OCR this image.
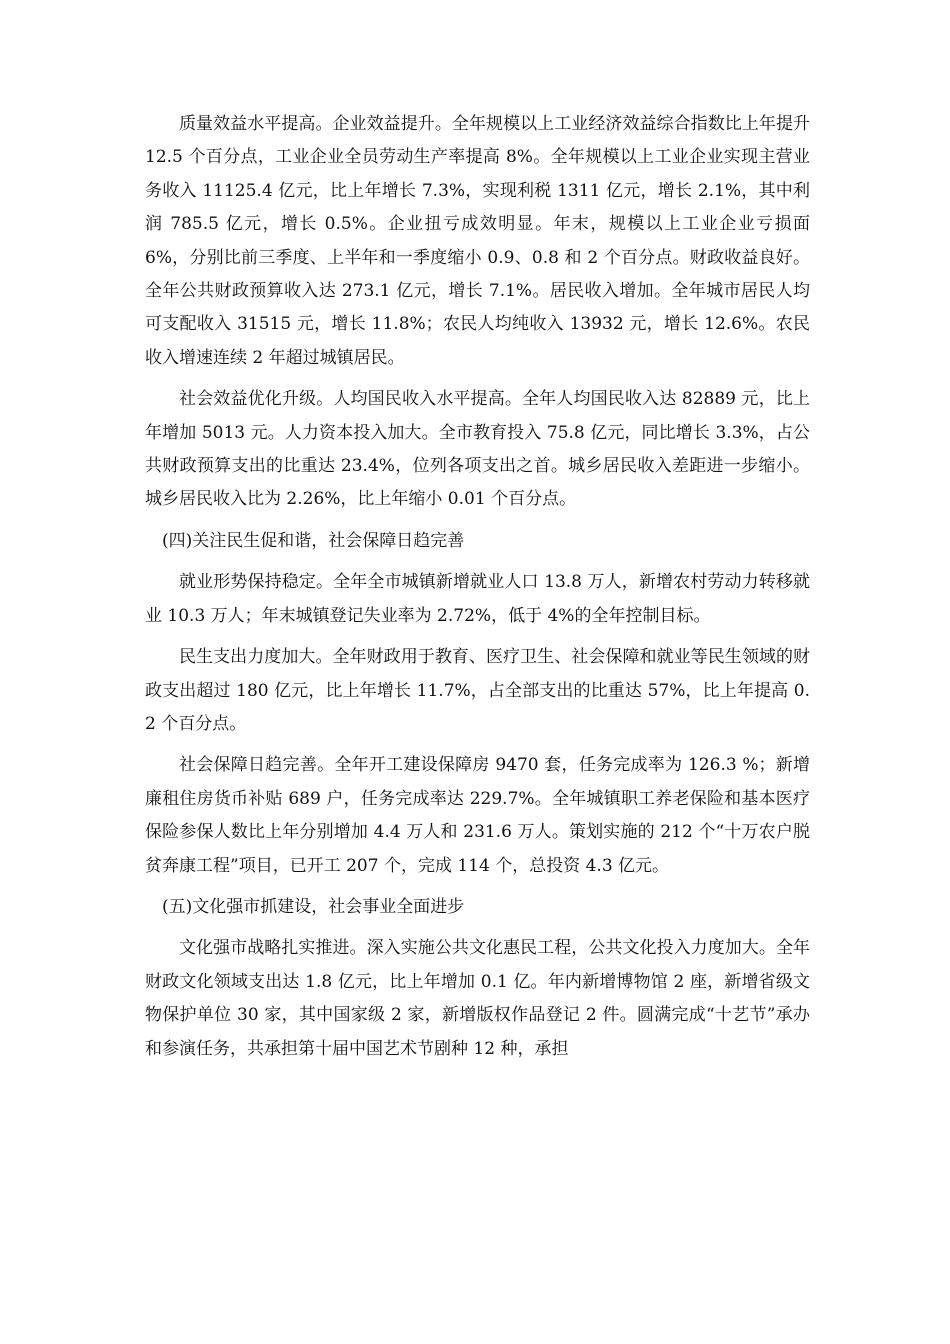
质量效益水平提高。企业效益提升。全年规模以上工业经济效益综合指数比上年提升 12.5 个百分点，工业企业全员劳动生产率提高 8%。全年规模以上工业企业实现主营业务收入 11125.4 亿元，比上年增长 7.3%，实现利税 1311 亿元，增长 2.1%，其中利润 785.5 亿元，增长 0.5%。企业扭亏成效明显。年末，规模以上工业企业亏损面 6%，分别比前三季度、上半年和一季度缩小 0.9、0.8 和 2 个百分点。财政收益良好。全年公共财政预算收入达 273.1 亿元，增长 7.1%。居民收入增加。全年城市居民人均可支配收入 31515 元，增长 11.8%；农民人均纯收入 13932 元，增长 12.6%。农民收入增速连续 2 年超过城镇居民。

社会效益优化升级。人均国民收入水平提高。全年人均国民收入达 82889 元，比上年增加 5013 元。人力资本投入加大。全市教育投入 75.8 亿元，同比增长 3.3%，占公共财政预算支出的比重达 23.4%，位列各项支出之首。城乡居民收入差距进一步缩小。城乡居民收入比为 2.26%，比上年缩小 0.01 个百分点。

(四)关注民生促和谐，社会保障日趋完善

就业形势保持稳定。全年全市城镇新增就业人口 13.8 万人，新增农村劳动力转移就业 10.3 万人；年末城镇登记失业率为 2.72%，低于 4%的全年控制目标。

民生支出力度加大。全年财政用于教育、医疗卫生、社会保障和就业等民生领域的财政支出超过 180 亿元，比上年增长 11.7%，占全部支出的比重达 57%，比上年提高 0.2 个百分点。

社会保障日趋完善。全年开工建设保障房 9470 套，任务完成率为 126.3 %；新增廉租住房货币补贴 689 户，任务完成率达 229.7%。全年城镇职工养老保险和基本医疗保险参保人数比上年分别增加 4.4 万人和 231.6 万人。策划实施的 212 个“十万农户脱贫奔康工程”项目，已开工 207 个，完成 114 个，总投资 4.3 亿元。

(五)文化强市抓建设，社会事业全面进步

文化强市战略扎实推进。深入实施公共文化惠民工程，公共文化投入力度加大。全年财政文化领域支出达 1.8 亿元，比上年增加 0.1 亿。年内新增博物馆 2 座，新增省级文物保护单位 30 家，其中国家级 2 家，新增版权作品登记 2 件。圆满完成“十艺节”承办和参演任务，共承担第十届中国艺术节剧种 12 种，承担
